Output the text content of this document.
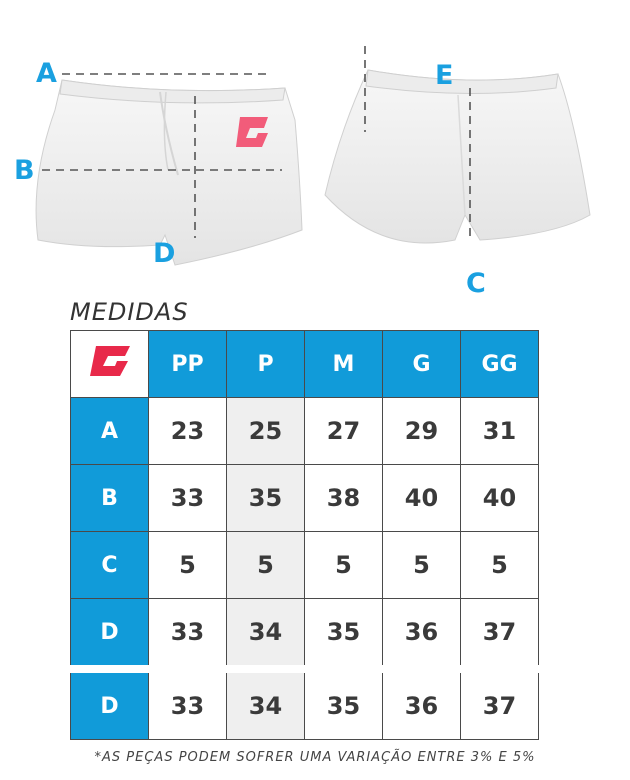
A
B
D
E
C
MEDIDAS
	PP	P	M	G	GG
A	23	25	27	29	31
B	33	35	38	40	40
C	5	5	5	5	5
D	33	34	35	36	37
D	33	34	35	36	37
*AS PEÇAS PODEM SOFRER UMA VARIAÇÃO ENTRE 3% E 5%
